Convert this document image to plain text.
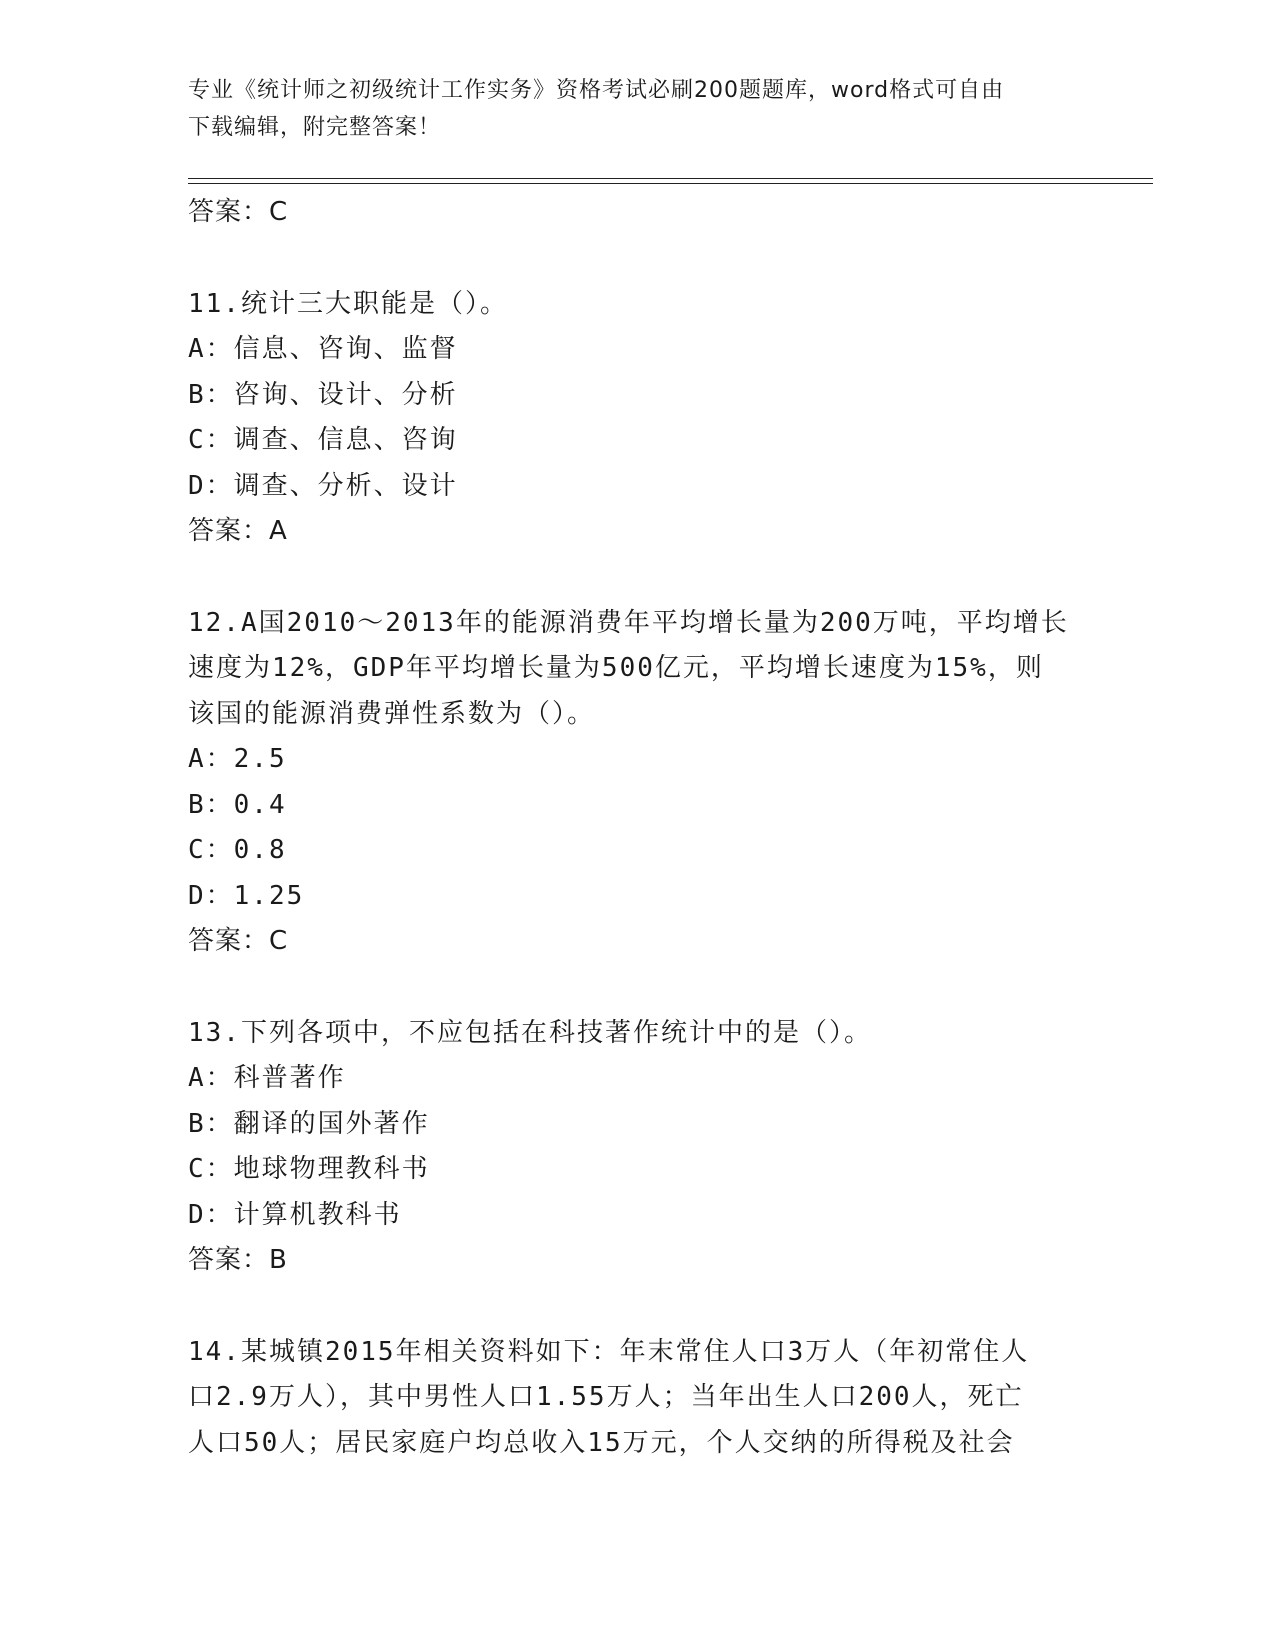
专业《统计师之初级统计工作实务》资格考试必刷200题题库，word格式可自由
下载编辑，附完整答案！
答案：C
11.统计三大职能是（）。
A：信息、咨询、监督
B：咨询、设计、分析
C：调查、信息、咨询
D：调查、分析、设计
答案：A
12.A国2010～2013年的能源消费年平均增长量为200万吨，平均增长
速度为12%，GDP年平均增长量为500亿元，平均增长速度为15%，则
该国的能源消费弹性系数为（）。
A：2.5
B：0.4
C：0.8
D：1.25
答案：C
13.下列各项中，不应包括在科技著作统计中的是（）。
A：科普著作
B：翻译的国外著作
C：地球物理教科书
D：计算机教科书
答案：B
14.某城镇2015年相关资料如下：年末常住人口3万人（年初常住人
口2.9万人），其中男性人口1.55万人；当年出生人口200人，死亡
人口50人；居民家庭户均总收入15万元，个人交纳的所得税及社会
